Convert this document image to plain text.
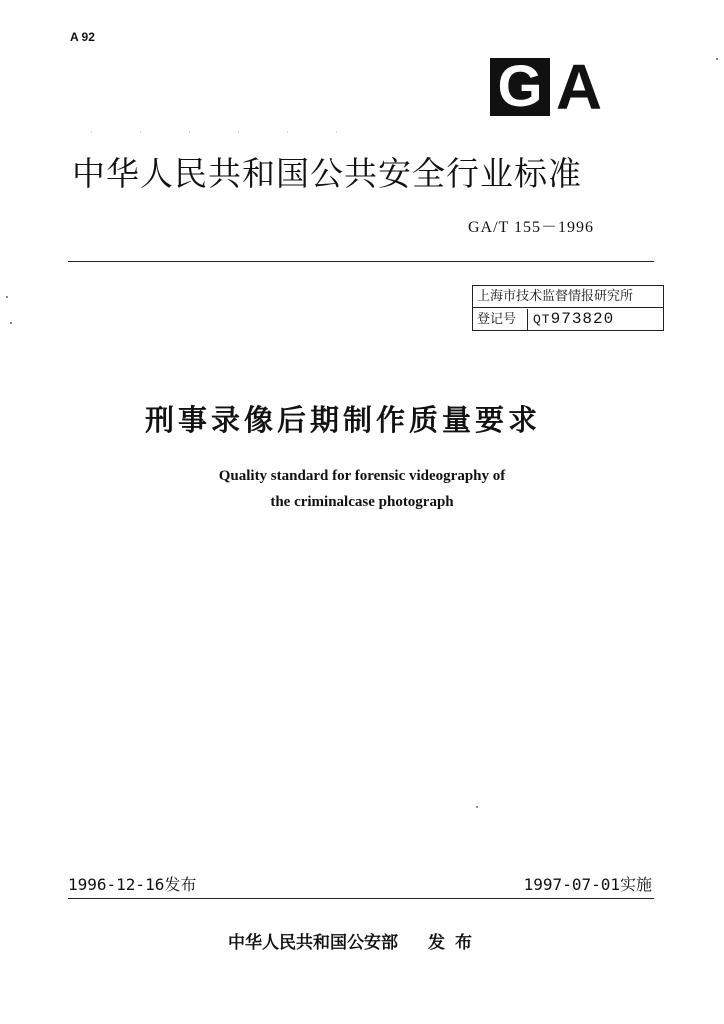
A 92
G A
· · · · · ·
中华人民共和国公共安全行业标准
GA/T 155－1996
上海市技术监督情报研究所
登记号	QT973820
刑事录像后期制作质量要求
Quality standard for forensic videography of
the criminalcase photograph
1996-12-16发布	1997-07-01实施
中华人民共和国公安部 发 布
